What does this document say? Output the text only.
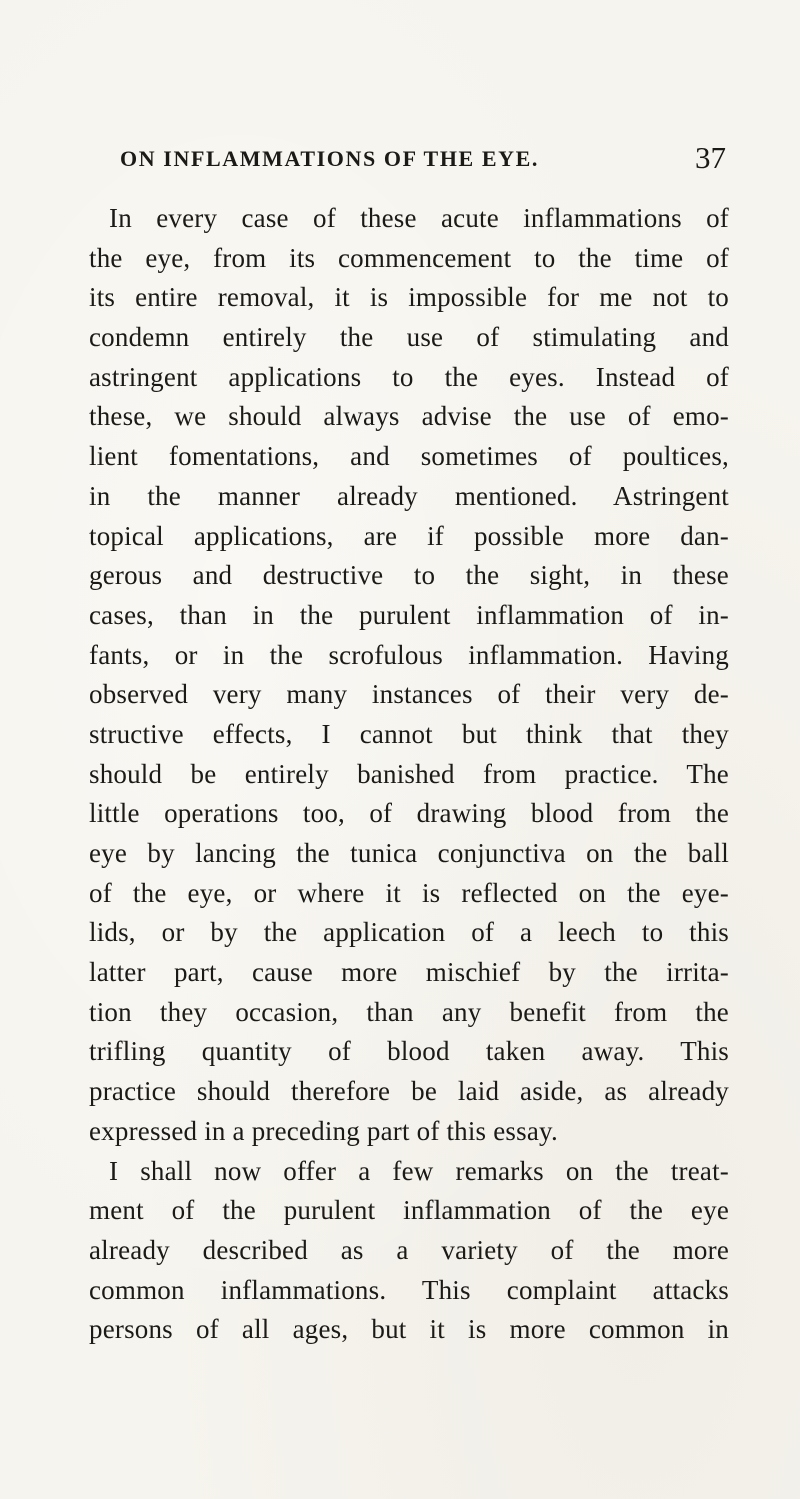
ON INFLAMMATIONS OF THE EYE.	37
In every case of these acute inflammations of
the eye, from its commencement to the time of
its entire removal, it is impossible for me not to
condemn entirely the use of stimulating and
astringent applications to the eyes. Instead of
these, we should always advise the use of emo-
lient fomentations, and sometimes of poultices,
in the manner already mentioned. Astringent
topical applications, are if possible more dan-
gerous and destructive to the sight, in these
cases, than in the purulent inflammation of in-
fants, or in the scrofulous inflammation. Having
observed very many instances of their very de-
structive effects, I cannot but think that they
should be entirely banished from practice. The
little operations too, of drawing blood from the
eye by lancing the tunica conjunctiva on the ball
of the eye, or where it is reflected on the eye-
lids, or by the application of a leech to this
latter part, cause more mischief by the irrita-
tion they occasion, than any benefit from the
trifling quantity of blood taken away. This
practice should therefore be laid aside, as already
expressed in a preceding part of this essay.
I shall now offer a few remarks on the treat-
ment of the purulent inflammation of the eye
already described as a variety of the more
common inflammations. This complaint attacks
persons of all ages, but it is more common in
